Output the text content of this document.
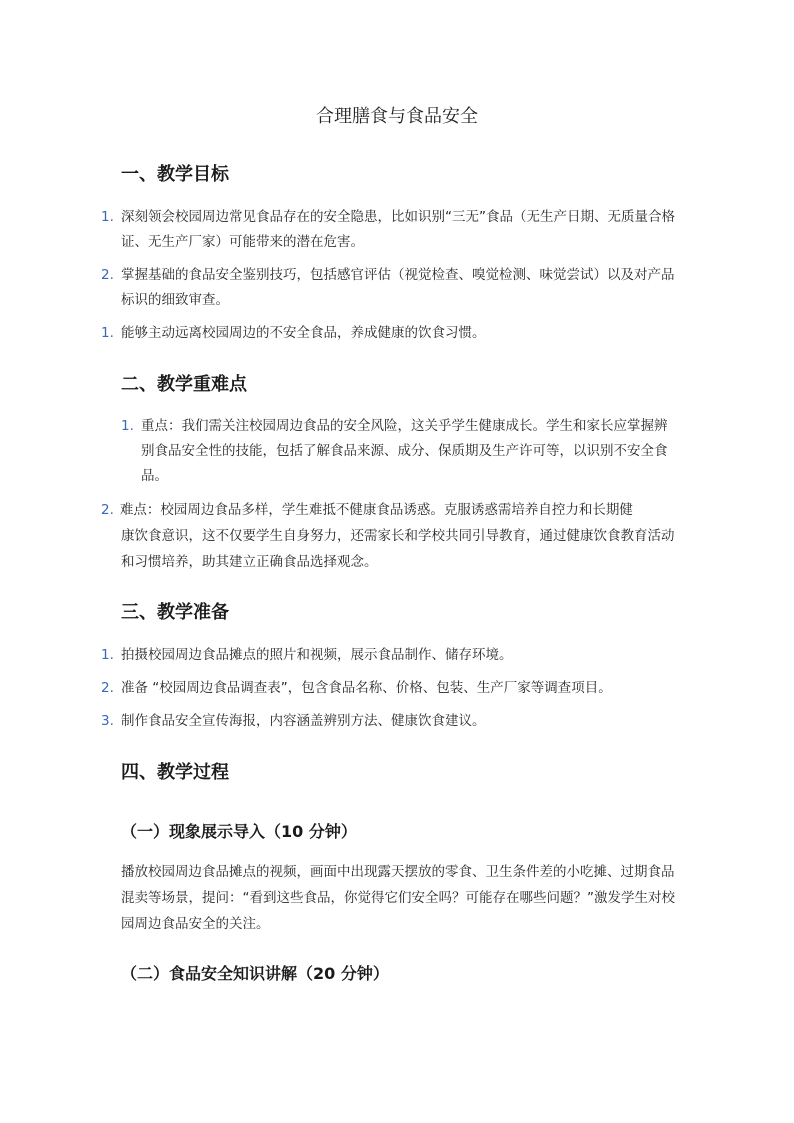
合理膳食与食品安全
一、教学目标
1. 深刻领会校园周边常见食品存在的安全隐患，比如识别“三无”食品（无生产日期、无质量合格证、无生产厂家）可能带来的潜在危害。
2. 掌握基础的食品安全鉴别技巧，包括感官评估（视觉检查、嗅觉检测、味觉尝试）以及对产品标识的细致审查。
1. 能够主动远离校园周边的不安全食品，养成健康的饮食习惯。
二、教学重难点
1. 重点：我们需关注校园周边食品的安全风险，这关乎学生健康成长。学生和家长应掌握辨别食品安全性的技能，包括了解食品来源、成分、保质期及生产许可等，以识别不安全食品。
2. 难点：校园周边食品多样，学生难抵不健康食品诱惑。克服诱惑需培养自控力和长期健
康饮食意识，这不仅要学生自身努力，还需家长和学校共同引导教育，通过健康饮食教育活动和习惯培养，助其建立正确食品选择观念。
三、教学准备
1. 拍摄校园周边食品摊点的照片和视频，展示食品制作、储存环境。
2. 准备 “校园周边食品调查表”，包含食品名称、价格、包装、生产厂家等调查项目。
3. 制作食品安全宣传海报，内容涵盖辨别方法、健康饮食建议。
四、教学过程
（一）现象展示导入（10 分钟）
播放校园周边食品摊点的视频，画面中出现露天摆放的零食、卫生条件差的小吃摊、过期食品混卖等场景，提问：“看到这些食品，你觉得它们安全吗？可能存在哪些问题？”激发学生对校园周边食品安全的关注。
（二）食品安全知识讲解（20 分钟）
